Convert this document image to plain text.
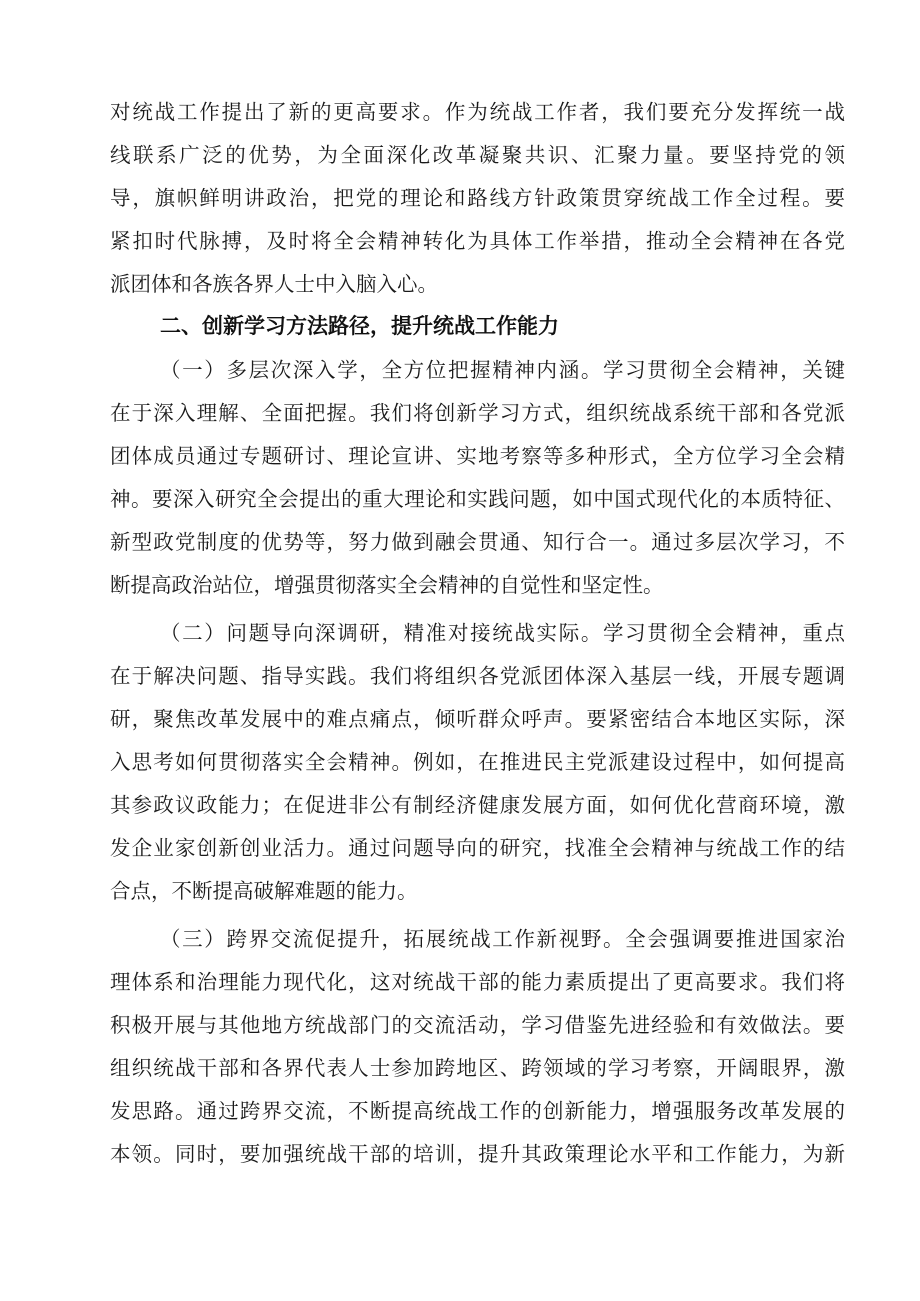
对统战工作提出了新的更高要求。作为统战工作者，我们要充分发挥统一战
线联系广泛的优势，为全面深化改革凝聚共识、汇聚力量。要坚持党的领
导，旗帜鲜明讲政治，把党的理论和路线方针政策贯穿统战工作全过程。要
紧扣时代脉搏，及时将全会精神转化为具体工作举措，推动全会精神在各党
派团体和各族各界人士中入脑入心。
二、创新学习方法路径，提升统战工作能力
（一）多层次深入学，全方位把握精神内涵。学习贯彻全会精神，关键
在于深入理解、全面把握。我们将创新学习方式，组织统战系统干部和各党派
团体成员通过专题研讨、理论宣讲、实地考察等多种形式，全方位学习全会精
神。要深入研究全会提出的重大理论和实践问题，如中国式现代化的本质特征、
新型政党制度的优势等，努力做到融会贯通、知行合一。通过多层次学习，不
断提高政治站位，增强贯彻落实全会精神的自觉性和坚定性。
（二）问题导向深调研，精准对接统战实际。学习贯彻全会精神，重点
在于解决问题、指导实践。我们将组织各党派团体深入基层一线，开展专题调
研，聚焦改革发展中的难点痛点，倾听群众呼声。要紧密结合本地区实际，深
入思考如何贯彻落实全会精神。例如，在推进民主党派建设过程中，如何提高
其参政议政能力；在促进非公有制经济健康发展方面，如何优化营商环境，激
发企业家创新创业活力。通过问题导向的研究，找准全会精神与统战工作的结
合点，不断提高破解难题的能力。
（三）跨界交流促提升，拓展统战工作新视野。全会强调要推进国家治
理体系和治理能力现代化，这对统战干部的能力素质提出了更高要求。我们将
积极开展与其他地方统战部门的交流活动，学习借鉴先进经验和有效做法。要
组织统战干部和各界代表人士参加跨地区、跨领域的学习考察，开阔眼界，激
发思路。通过跨界交流，不断提高统战工作的创新能力，增强服务改革发展的
本领。同时，要加强统战干部的培训，提升其政策理论水平和工作能力，为新
